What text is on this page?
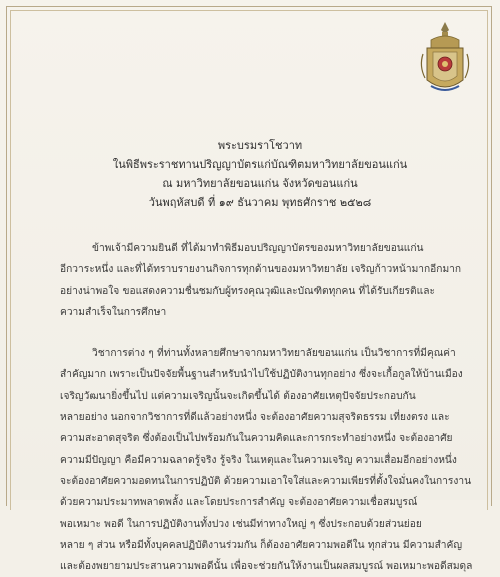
พระบรมราโชวาท
ในพิธีพระราชทานปริญญาบัตรแก่บัณฑิตมหาวิทยาลัยขอนแก่น
ณ มหาวิทยาลัยขอนแก่น จังหวัดขอนแก่น
วันพฤหัสบดี ที่ ๑๙ ธันวาคม พุทธศักราช ๒๕๒๘

ข้าพเจ้ามีความยินดี ที่ได้มาทำพิธีมอบปริญญาบัตรของมหาวิทยาลัยขอนแก่น

อีกวาระหนึ่ง และที่ได้ทราบรายงานกิจการทุกด้านของมหาวิทยาลัย เจริญก้าวหน้ามากอีกมาก

อย่างน่าพอใจ ขอแสดงความชื่นชมกับผู้ทรงคุณวุฒิและบัณฑิตทุกคน ที่ได้รับเกียรติและ

ความสำเร็จในการศึกษา

วิชาการต่าง ๆ ที่ท่านทั้งหลายศึกษาจากมหาวิทยาลัยขอนแก่น เป็นวิชาการที่มีคุณค่า

สำคัญมาก เพราะเป็นปัจจัยพื้นฐานสำหรับนำไปใช้ปฏิบัติงานทุกอย่าง ซึ่งจะเกื้อกูลให้บ้านเมือง

เจริญวัฒนายิ่งขึ้นไป แต่ความเจริญนั้นจะเกิดขึ้นได้ ต้องอาศัยเหตุปัจจัยประกอบกัน

หลายอย่าง นอกจากวิชาการที่ดีแล้วอย่างหนึ่ง จะต้องอาศัยความสุจริตธรรม เที่ยงตรง และ

ความสะอาดสุจริต ซึ่งต้องเป็นไปพร้อมกันในความคิดและการกระทำอย่างหนึ่ง จะต้องอาศัย

ความมีปัญญา คือมีความฉลาดรู้จริง รู้จริง ในเหตุและในความเจริญ ความเสื่อมอีกอย่างหนึ่ง

จะต้องอาศัยความอดทนในการปฏิบัติ ด้วยความเอาใจใส่และความเพียรที่ตั้งใจมั่นคงในการงาน

ด้วยความประมาทพลาดพลั้ง และโดยประการสำคัญ จะต้องอาศัยความเชื่อสมบูรณ์

พอเหมาะ พอดี ในการปฏิบัติงานทั้งปวง เช่นมีท่าทางใหญ่ ๆ ซึ่งประกอบด้วยส่วนย่อย

หลาย ๆ ส่วน หรือมีทั้งบุคคลปฏิบัติงานร่วมกัน ก็ต้องอาศัยความพอดีใน ทุกส่วน มีความสำคัญ

และต้องพยายามประสานความพอดีนั้น เพื่อจะช่วยกันให้งานเป็นผลสมบูรณ์ พอเหมาะพอดีสมดุล
